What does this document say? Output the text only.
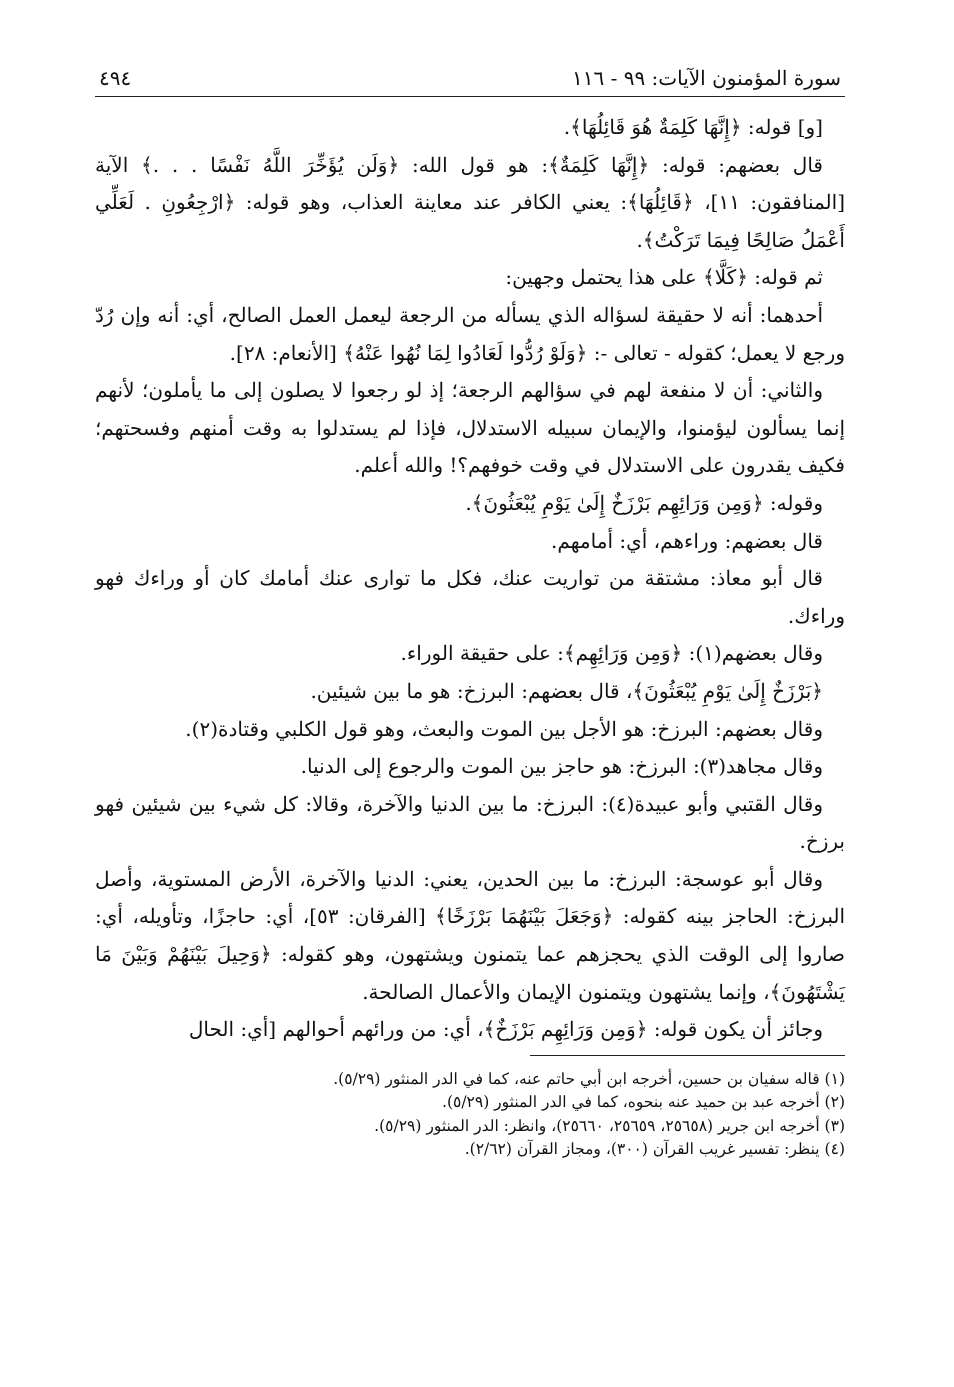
سورة المؤمنون الآيات: ٩٩ - ١١٦
٤٩٤

[و] قوله: ﴿إِنَّهَا كَلِمَةٌ هُوَ قَائِلُهَا﴾.

قال بعضهم: قوله: ﴿إِنَّهَا كَلِمَةٌ﴾: هو قول الله: ﴿وَلَن يُؤَخِّرَ اللَّهُ نَفْسًا . . .﴾ الآية [المنافقون: ١١]، ﴿قَائِلُهَا﴾: يعني الكافر عند معاينة العذاب، وهو قوله: ﴿ارْجِعُونِ . لَعَلِّي أَعْمَلُ صَالِحًا فِيمَا تَرَكْتُ﴾.

ثم قوله: ﴿كَلَّا﴾ على هذا يحتمل وجهين:

أحدهما: أنه لا حقيقة لسؤاله الذي يسأله من الرجعة ليعمل العمل الصالح، أي: أنه وإن رُدّ ورجع لا يعمل؛ كقوله - تعالى -: ﴿وَلَوْ رُدُّوا لَعَادُوا لِمَا نُهُوا عَنْهُ﴾ [الأنعام: ٢٨].

والثاني: أن لا منفعة لهم في سؤالهم الرجعة؛ إذ لو رجعوا لا يصلون إلى ما يأملون؛ لأنهم إنما يسألون ليؤمنوا، والإيمان سبيله الاستدلال، فإذا لم يستدلوا به وقت أمنهم وفسحتهم؛ فكيف يقدرون على الاستدلال في وقت خوفهم؟! والله أعلم.

وقوله: ﴿وَمِن وَرَائِهِم بَرْزَخٌ إِلَىٰ يَوْمِ يُبْعَثُونَ﴾.

قال بعضهم: وراءهم، أي: أمامهم.

قال أبو معاذ: مشتقة من تواريت عنك، فكل ما توارى عنك أمامك كان أو وراءك فهو وراءك.

وقال بعضهم(١): ﴿وَمِن وَرَائِهِم﴾: على حقيقة الوراء.

﴿بَرْزَخٌ إِلَىٰ يَوْمِ يُبْعَثُونَ﴾، قال بعضهم: البرزخ: هو ما بين شيئين.

وقال بعضهم: البرزخ: هو الأجل بين الموت والبعث، وهو قول الكلبي وقتادة(٢).

وقال مجاهد(٣): البرزخ: هو حاجز بين الموت والرجوع إلى الدنيا.

وقال القتبي وأبو عبيدة(٤): البرزخ: ما بين الدنيا والآخرة، وقالا: كل شيء بين شيئين فهو برزخ.

وقال أبو عوسجة: البرزخ: ما بين الحدين، يعني: الدنيا والآخرة، الأرض المستوية، وأصل البرزخ: الحاجز بينه كقوله: ﴿وَجَعَلَ بَيْنَهُمَا بَرْزَخًا﴾ [الفرقان: ٥٣]، أي: حاجزًا، وتأويله، أي: صاروا إلى الوقت الذي يحجزهم عما يتمنون ويشتهون، وهو كقوله: ﴿وَحِيلَ بَيْنَهُمْ وَبَيْنَ مَا يَشْتَهُونَ﴾، وإنما يشتهون ويتمنون الإيمان والأعمال الصالحة.

وجائز أن يكون قوله: ﴿وَمِن وَرَائِهِم بَرْزَخٌ﴾، أي: من ورائهم أحوالهم [أي: الحال

(١) قاله سفيان بن حسين، أخرجه ابن أبي حاتم عنه، كما في الدر المنثور (٥/٢٩).
(٢) أخرجه عبد بن حميد عنه بنحوه، كما في الدر المنثور (٥/٢٩).
(٣) أخرجه ابن جرير (٢٥٦٥٨، ٢٥٦٥٩، ٢٥٦٦٠)، وانظر: الدر المنثور (٥/٢٩).
(٤) ينظر: تفسير غريب القرآن (٣٠٠)، ومجاز القرآن (٢/٦٢).
